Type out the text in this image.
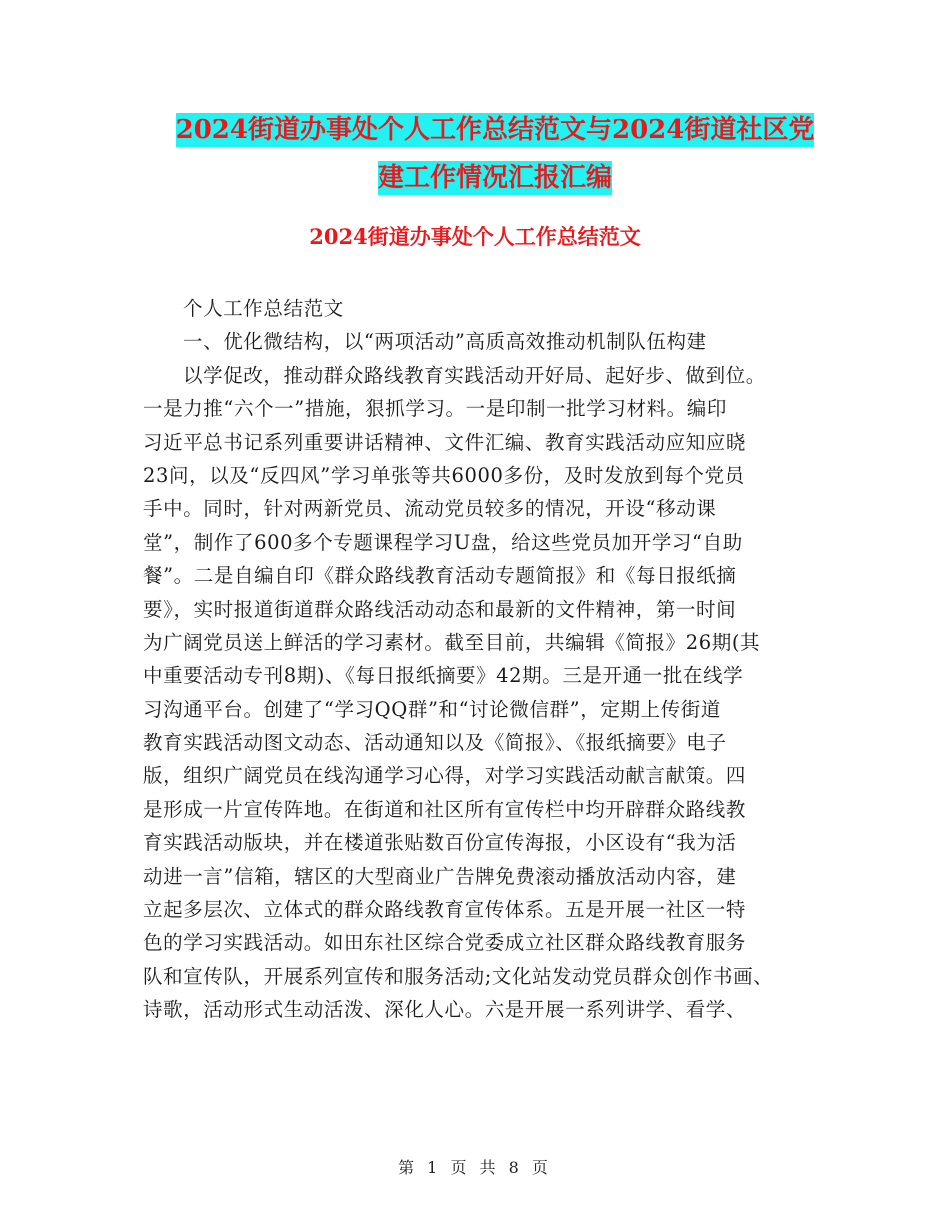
2024街道办事处个人工作总结范文与2024街道社区党
建工作情况汇报汇编
2024街道办事处个人工作总结范文
个人工作总结范文
一、优化微结构，以“两项活动”高质高效推动机制队伍构建
以学促改，推动群众路线教育实践活动开好局、起好步、做到位。
一是力推“六个一”措施，狠抓学习。一是印制一批学习材料。编印
习近平总书记系列重要讲话精神、文件汇编、教育实践活动应知应晓
23问，以及“反四风”学习单张等共6000多份，及时发放到每个党员
手中。同时，针对两新党员、流动党员较多的情况，开设“移动课
堂”，制作了600多个专题课程学习U盘，给这些党员加开学习“自助
餐”。二是自编自印《群众路线教育活动专题简报》和《每日报纸摘
要》，实时报道街道群众路线活动动态和最新的文件精神，第一时间
为广阔党员送上鲜活的学习素材。截至目前，共编辑《简报》26期(其
中重要活动专刊8期)、《每日报纸摘要》42期。三是开通一批在线学
习沟通平台。创建了“学习QQ群”和“讨论微信群”，定期上传街道
教育实践活动图文动态、活动通知以及《简报》、《报纸摘要》电子
版，组织广阔党员在线沟通学习心得，对学习实践活动献言献策。四
是形成一片宣传阵地。在街道和社区所有宣传栏中均开辟群众路线教
育实践活动版块，并在楼道张贴数百份宣传海报，小区设有“我为活
动进一言”信箱，辖区的大型商业广告牌免费滚动播放活动内容，建
立起多层次、立体式的群众路线教育宣传体系。五是开展一社区一特
色的学习实践活动。如田东社区综合党委成立社区群众路线教育服务
队和宣传队，开展系列宣传和服务活动;文化站发动党员群众创作书画、
诗歌，活动形式生动活泼、深化人心。六是开展一系列讲学、看学、
第 1 页 共 8 页
